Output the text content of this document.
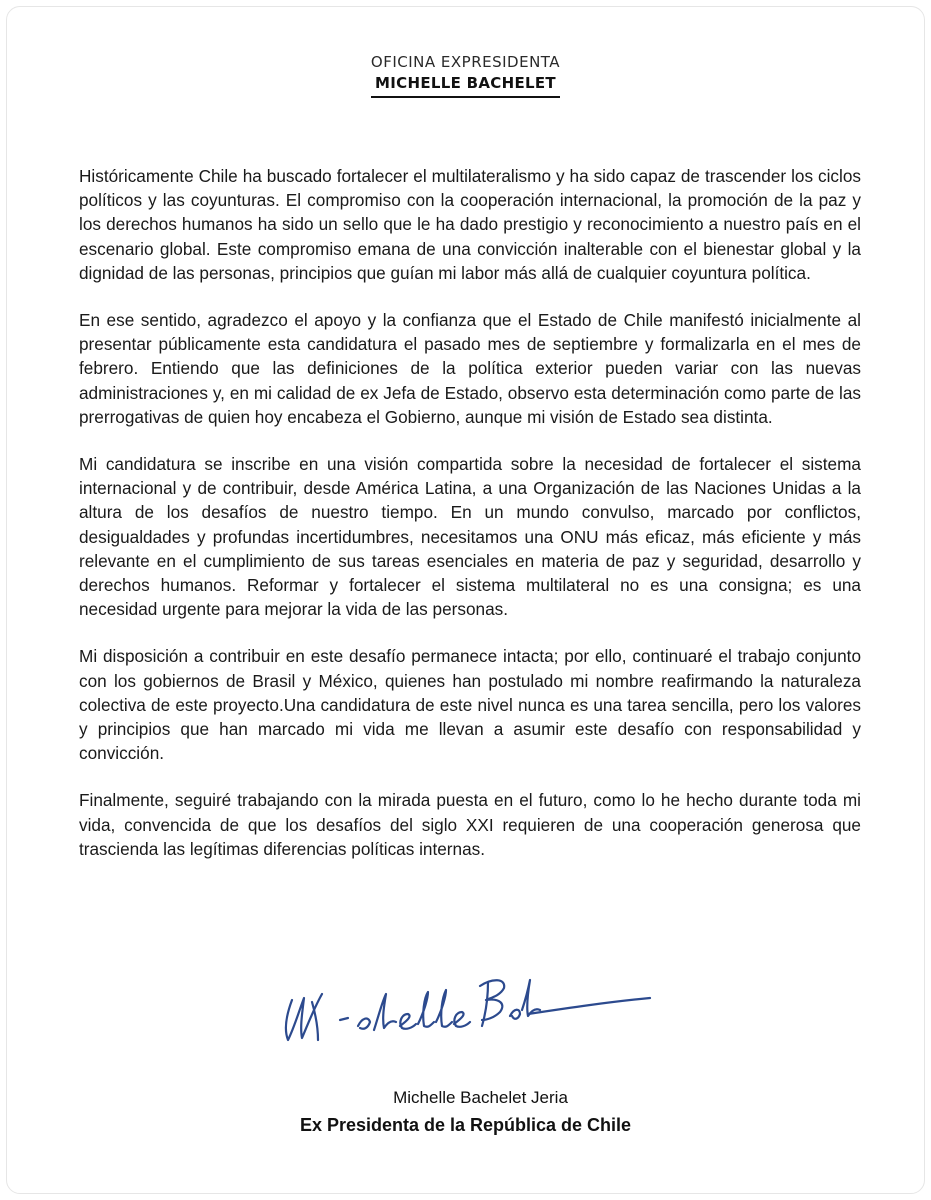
OFICINA EXPRESIDENTA
MICHELLE BACHELET

Históricamente Chile ha buscado fortalecer el multilateralismo y ha sido capaz de trascender los ciclos políticos y las coyunturas. El compromiso con la cooperación internacional, la promoción de la paz y los derechos humanos ha sido un sello que le ha dado prestigio y reconocimiento a nuestro país en el escenario global. Este compromiso emana de una convicción inalterable con el bienestar global y la dignidad de las personas, principios que guían mi labor más allá de cualquier coyuntura política.

En ese sentido, agradezco el apoyo y la confianza que el Estado de Chile manifestó inicialmente al presentar públicamente esta candidatura el pasado mes de septiembre y formalizarla en el mes de febrero. Entiendo que las definiciones de la política exterior pueden variar con las nuevas administraciones y, en mi calidad de ex Jefa de Estado, observo esta determinación como parte de las prerrogativas de quien hoy encabeza el Gobierno, aunque mi visión de Estado sea distinta.

Mi candidatura se inscribe en una visión compartida sobre la necesidad de fortalecer el sistema internacional y de contribuir, desde América Latina, a una Organización de las Naciones Unidas a la altura de los desafíos de nuestro tiempo. En un mundo convulso, marcado por conflictos, desigualdades y profundas incertidumbres, necesitamos una ONU más eficaz, más eficiente y más relevante en el cumplimiento de sus tareas esenciales en materia de paz y seguridad, desarrollo y derechos humanos. Reformar y fortalecer el sistema multilateral no es una consigna; es una necesidad urgente para mejorar la vida de las personas.

Mi disposición a contribuir en este desafío permanece intacta; por ello, continuaré el trabajo conjunto con los gobiernos de Brasil y México, quienes han postulado mi nombre reafirmando la naturaleza colectiva de este proyecto.Una candidatura de este nivel nunca es una tarea sencilla, pero los valores y principios que han marcado mi vida me llevan a asumir este desafío con responsabilidad y convicción.

Finalmente, seguiré trabajando con la mirada puesta en el futuro, como lo he hecho durante toda mi vida, convencida de que los desafíos del siglo XXI requieren de una cooperación generosa que trascienda las legítimas diferencias políticas internas.

Michelle Bachelet Jeria
Ex Presidenta de la República de Chile
